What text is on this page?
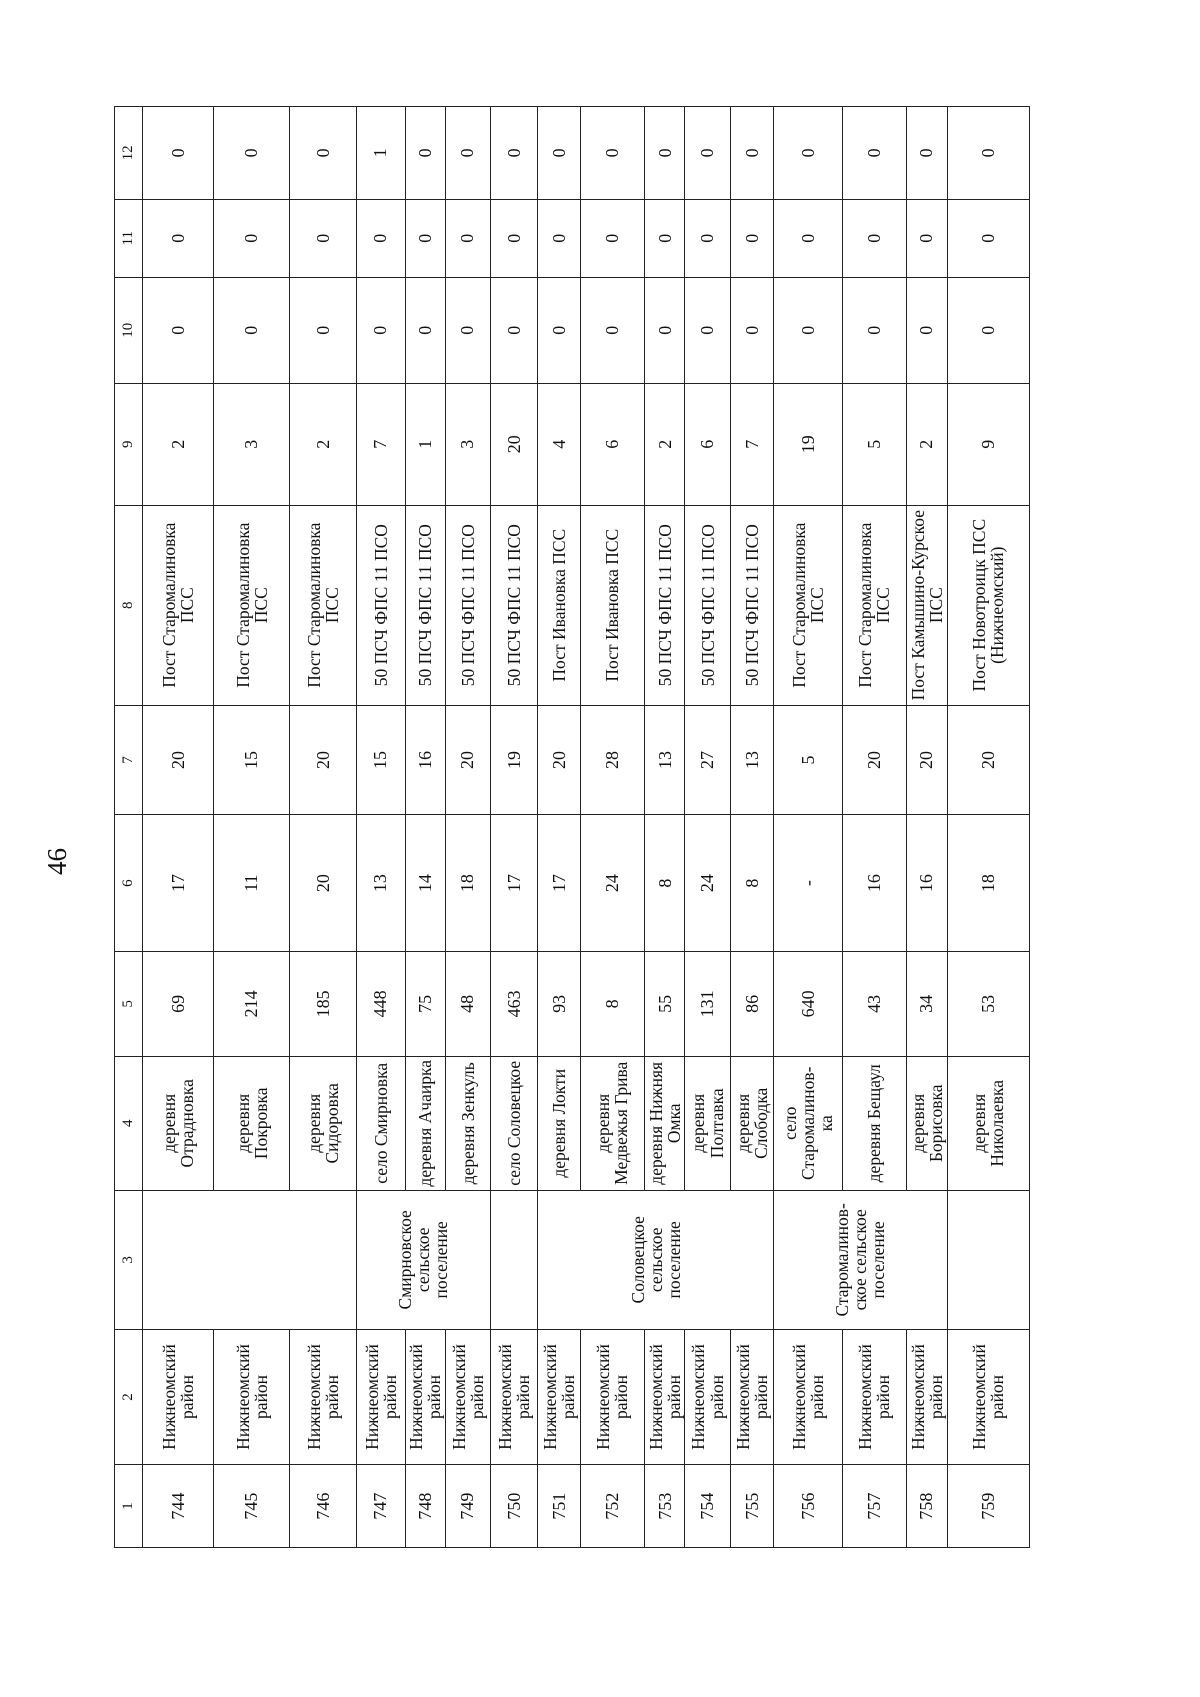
46
1	2	3	4	5	6	7	8	9	10	11	12
744	Нижнеомский район		деревня Отрадновка	69	17	20	Пост Старомалиновка ПСС	2	0	0	0
745	Нижнеомский район		деревня Покровка	214	11	15	Пост Старомалиновка ПСС	3	0	0	0
746	Нижнеомский район		деревня Сидоровка	185	20	20	Пост Старомалиновка ПСС	2	0	0	0
747	Нижнеомский район	Смирновское сельское поселение	село Смирновка	448	13	15	50 ПСЧ ФПС 11 ПСО	7	0	0	1
748	Нижнеомский район		деревня Ачаирка	75	14	16	50 ПСЧ ФПС 11 ПСО	1	0	0	0
749	Нижнеомский район		деревня Зенкуль	48	18	20	50 ПСЧ ФПС 11 ПСО	3	0	0	0
750	Нижнеомский район		село Соловецкое	463	17	19	50 ПСЧ ФПС 11 ПСО	20	0	0	0
751	Нижнеомский район	Соловецкое сельское поселение	деревня Локти	93	17	20	Пост Ивановка ПСС	4	0	0	0
752	Нижнеомский район		деревня Медвежья Грива	8	24	28	Пост Ивановка ПСС	6	0	0	0
753	Нижнеомский район		деревня Нижняя Омка	55	8	13	50 ПСЧ ФПС 11 ПСО	2	0	0	0
754	Нижнеомский район		деревня Полтавка	131	24	27	50 ПСЧ ФПС 11 ПСО	6	0	0	0
755	Нижнеомский район		деревня Слободка	86	8	13	50 ПСЧ ФПС 11 ПСО	7	0	0	0
756	Нижнеомский район	Старомалинов-ское сельское поселение	село Старомалинов-ка	640	-	5	Пост Старомалиновка ПСС	19	0	0	0
757	Нижнеомский район		деревня Бещаул	43	16	20	Пост Старомалиновка ПСС	5	0	0	0
758	Нижнеомский район		деревня Борисовка	34	16	20	Пост Камышино-Курское ПСС	2	0	0	0
759	Нижнеомский район		деревня Николаевка	53	18	20	Пост Новотроицк ПСС (Нижнеомский)	9	0	0	0
